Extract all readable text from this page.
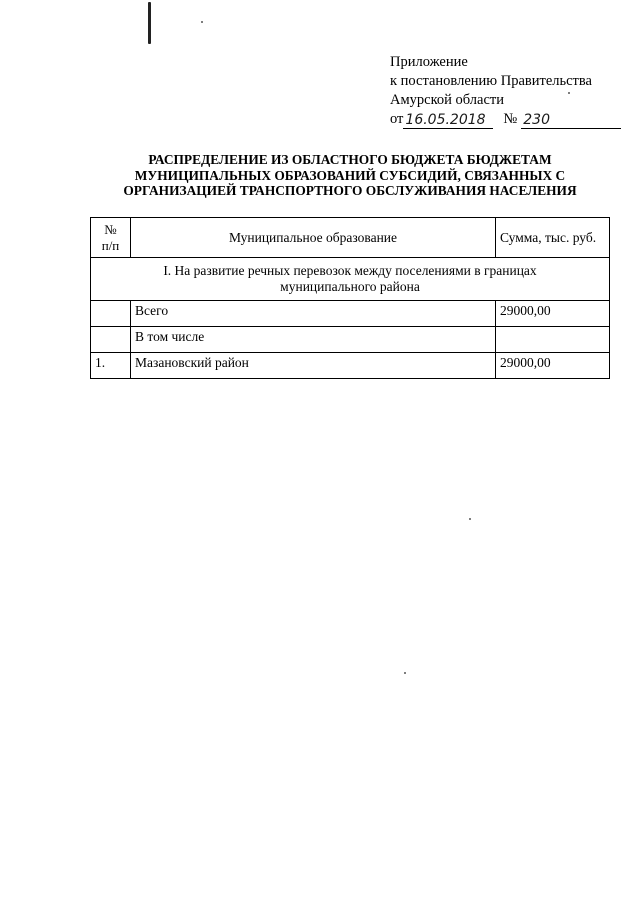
Приложение
к постановлению Правительства
Амурской области
от 16.05.2018	№ 230
РАСПРЕДЕЛЕНИЕ ИЗ ОБЛАСТНОГО БЮДЖЕТА БЮДЖЕТАМ
МУНИЦИПАЛЬНЫХ ОБРАЗОВАНИЙ СУБСИДИЙ, СВЯЗАННЫХ С
ОРГАНИЗАЦИЕЙ ТРАНСПОРТНОГО ОБСЛУЖИВАНИЯ НАСЕЛЕНИЯ
№
п/п	Муниципальное образование	Сумма, тыс. руб.

I. На развитие речных перевозок между поселениями в границах
муниципального района		

	Всего	29000,00
	В том числе	
1.	Мазановский район	29000,00
